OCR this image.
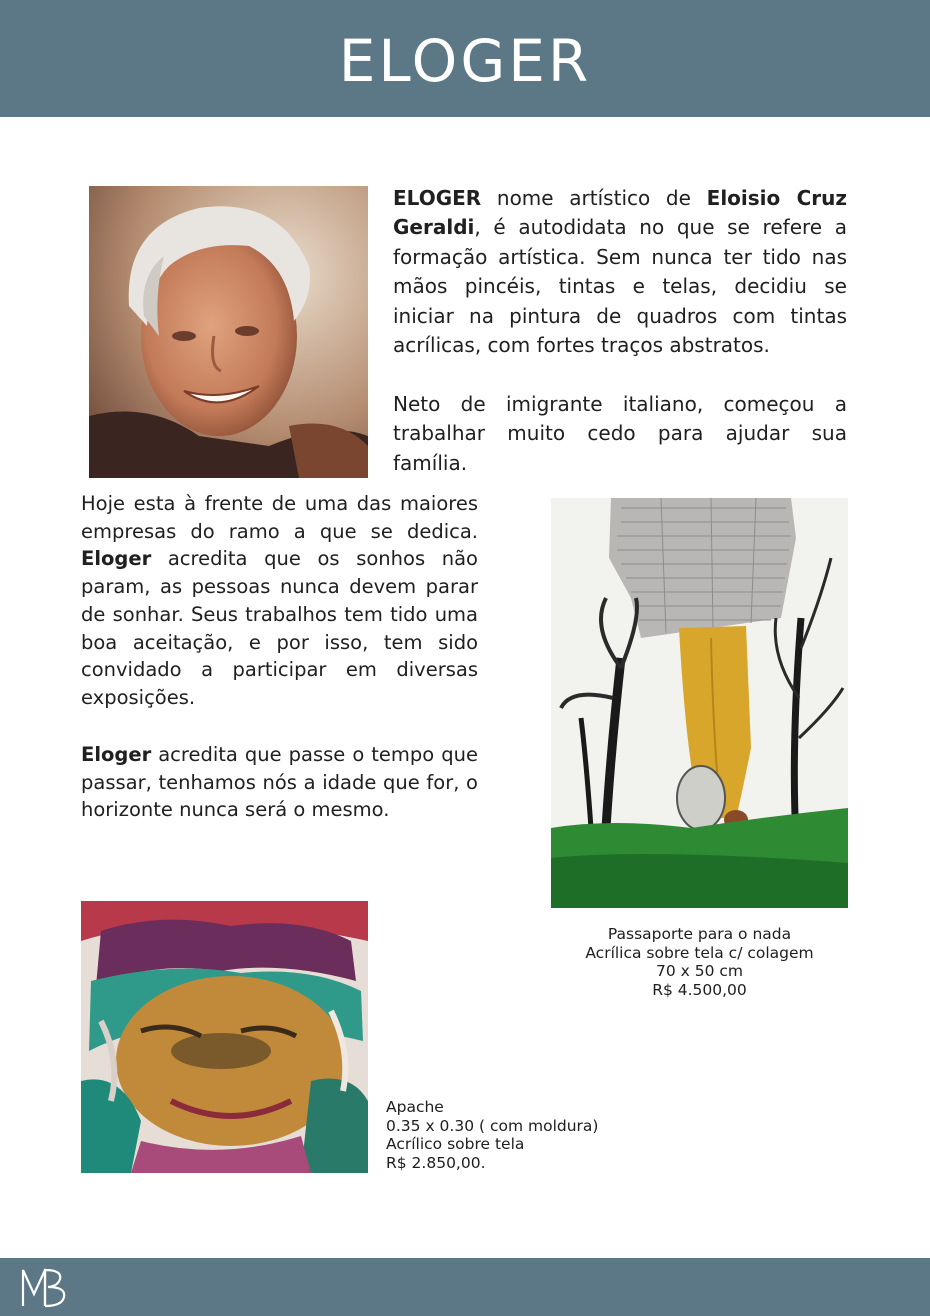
ELOGER

ELOGER nome artístico de Eloisio Cruz Geraldi, é autodidata no que se refere a formação artística. Sem nunca ter tido nas mãos pincéis, tintas e telas, decidiu se iniciar na pintura de quadros com tintas acrílicas, com fortes traços abstratos.

Neto de imigrante italiano, começou a trabalhar muito cedo para ajudar sua família.

Hoje esta à frente de uma das maiores empresas do ramo a que se dedica. Eloger acredita que os sonhos não param, as pessoas nunca devem parar de sonhar. Seus trabalhos tem tido uma boa aceitação, e por isso, tem sido convidado a participar em diversas exposições.

Eloger acredita que passe o tempo que passar, tenhamos nós a idade que for, o horizonte nunca será o mesmo.

Passaporte para o nada
Acrílica sobre tela c/ colagem
70 x 50 cm
R$ 4.500,00
Apache
0.35 x 0.30 ( com moldura)
Acrílico sobre tela
R$ 2.850,00.
